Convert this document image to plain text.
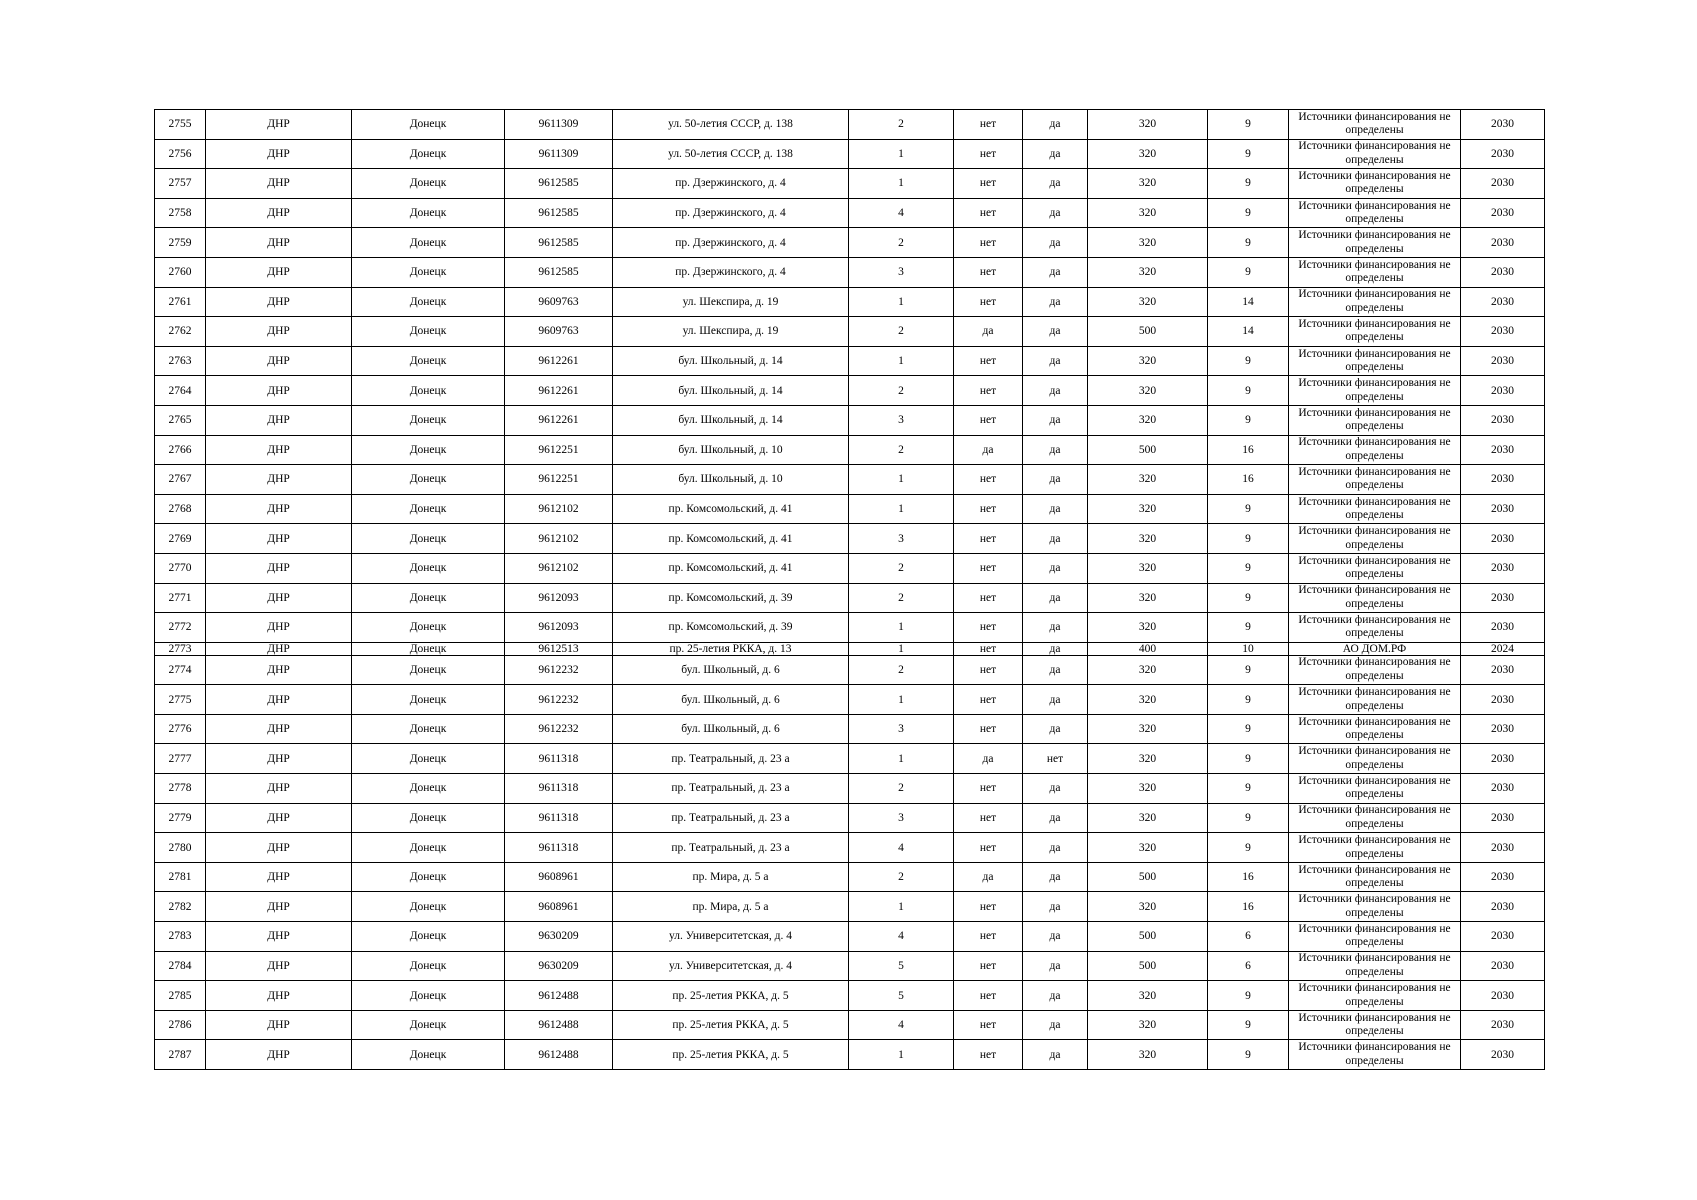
2755	ДНР	Донецк	9611309	ул. 50-летия СССР, д. 138	2	нет	да	320	9	Источники финансирования не определены	2030
2756	ДНР	Донецк	9611309	ул. 50-летия СССР, д. 138	1	нет	да	320	9	Источники финансирования не определены	2030
2757	ДНР	Донецк	9612585	пр. Дзержинского, д. 4	1	нет	да	320	9	Источники финансирования не определены	2030
2758	ДНР	Донецк	9612585	пр. Дзержинского, д. 4	4	нет	да	320	9	Источники финансирования не определены	2030
2759	ДНР	Донецк	9612585	пр. Дзержинского, д. 4	2	нет	да	320	9	Источники финансирования не определены	2030
2760	ДНР	Донецк	9612585	пр. Дзержинского, д. 4	3	нет	да	320	9	Источники финансирования не определены	2030
2761	ДНР	Донецк	9609763	ул. Шекспира, д. 19	1	нет	да	320	14	Источники финансирования не определены	2030
2762	ДНР	Донецк	9609763	ул. Шекспира, д. 19	2	да	да	500	14	Источники финансирования не определены	2030
2763	ДНР	Донецк	9612261	бул. Школьный, д. 14	1	нет	да	320	9	Источники финансирования не определены	2030
2764	ДНР	Донецк	9612261	бул. Школьный, д. 14	2	нет	да	320	9	Источники финансирования не определены	2030
2765	ДНР	Донецк	9612261	бул. Школьный, д. 14	3	нет	да	320	9	Источники финансирования не определены	2030
2766	ДНР	Донецк	9612251	бул. Школьный, д. 10	2	да	да	500	16	Источники финансирования не определены	2030
2767	ДНР	Донецк	9612251	бул. Школьный, д. 10	1	нет	да	320	16	Источники финансирования не определены	2030
2768	ДНР	Донецк	9612102	пр. Комсомольский, д. 41	1	нет	да	320	9	Источники финансирования не определены	2030
2769	ДНР	Донецк	9612102	пр. Комсомольский, д. 41	3	нет	да	320	9	Источники финансирования не определены	2030
2770	ДНР	Донецк	9612102	пр. Комсомольский, д. 41	2	нет	да	320	9	Источники финансирования не определены	2030
2771	ДНР	Донецк	9612093	пр. Комсомольский, д. 39	2	нет	да	320	9	Источники финансирования не определены	2030
2772	ДНР	Донецк	9612093	пр. Комсомольский, д. 39	1	нет	да	320	9	Источники финансирования не определены	2030
2773	ДНР	Донецк	9612513	пр. 25-летия РККА, д. 13	1	нет	да	400	10	АО ДОМ.РФ	2024
2774	ДНР	Донецк	9612232	бул. Школьный, д. 6	2	нет	да	320	9	Источники финансирования не определены	2030
2775	ДНР	Донецк	9612232	бул. Школьный, д. 6	1	нет	да	320	9	Источники финансирования не определены	2030
2776	ДНР	Донецк	9612232	бул. Школьный, д. 6	3	нет	да	320	9	Источники финансирования не определены	2030
2777	ДНР	Донецк	9611318	пр. Театральный, д. 23 а	1	да	нет	320	9	Источники финансирования не определены	2030
2778	ДНР	Донецк	9611318	пр. Театральный, д. 23 а	2	нет	да	320	9	Источники финансирования не определены	2030
2779	ДНР	Донецк	9611318	пр. Театральный, д. 23 а	3	нет	да	320	9	Источники финансирования не определены	2030
2780	ДНР	Донецк	9611318	пр. Театральный, д. 23 а	4	нет	да	320	9	Источники финансирования не определены	2030
2781	ДНР	Донецк	9608961	пр. Мира, д. 5 а	2	да	да	500	16	Источники финансирования не определены	2030
2782	ДНР	Донецк	9608961	пр. Мира, д. 5 а	1	нет	да	320	16	Источники финансирования не определены	2030
2783	ДНР	Донецк	9630209	ул. Университетская, д. 4	4	нет	да	500	6	Источники финансирования не определены	2030
2784	ДНР	Донецк	9630209	ул. Университетская, д. 4	5	нет	да	500	6	Источники финансирования не определены	2030
2785	ДНР	Донецк	9612488	пр. 25-летия РККА, д. 5	5	нет	да	320	9	Источники финансирования не определены	2030
2786	ДНР	Донецк	9612488	пр. 25-летия РККА, д. 5	4	нет	да	320	9	Источники финансирования не определены	2030
2787	ДНР	Донецк	9612488	пр. 25-летия РККА, д. 5	1	нет	да	320	9	Источники финансирования не определены	2030
